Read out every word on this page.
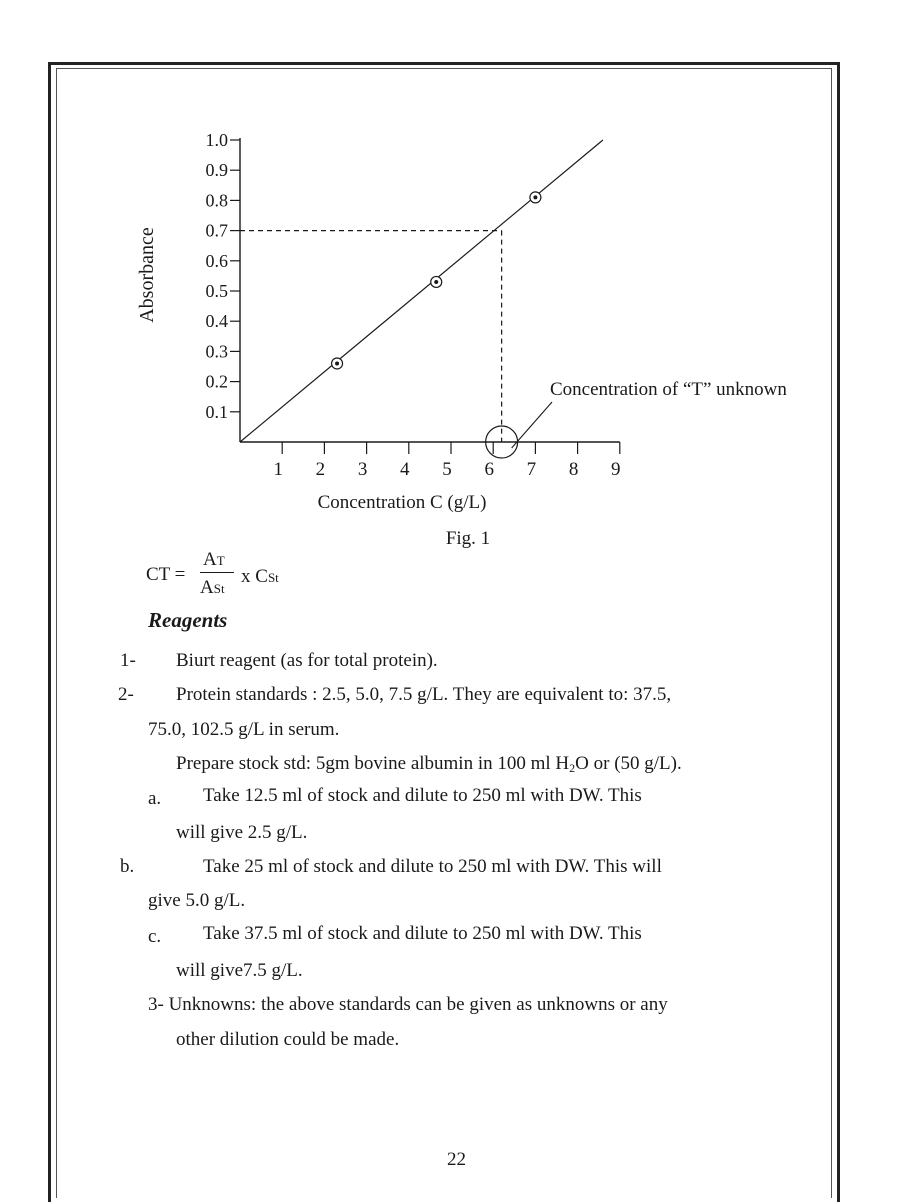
0.1
0.2
0.3
0.4
0.5
0.6
0.7
0.8
0.9
1.0
1 2 3 4 5 6 7 8 9
Absorbance
Concentration C (g/L)
Fig. 1
Concentration of “T” unknown
CT =
AT
ASt
x CSt
Reagents
1- Biurt reagent (as for total protein).
2- Protein standards : 2.5, 5.0, 7.5 g/L. They are equivalent to: 37.5,
75.0, 102.5 g/L in serum.
Prepare stock std: 5gm bovine albumin in 100 ml $H_2O$ or (50 g/L).
a. Take 12.5 ml of stock and dilute to 250 ml with DW. This
will give 2.5 g/L.
b.	Take 25 ml of stock and dilute to 250 ml with DW. This will
give 5.0 g/L.
c. Take 37.5 ml of stock and dilute to 250 ml with DW. This
will give7.5 g/L.
3- Unknowns: the above standards can be given as unknowns or any
other dilution could be made.
22
